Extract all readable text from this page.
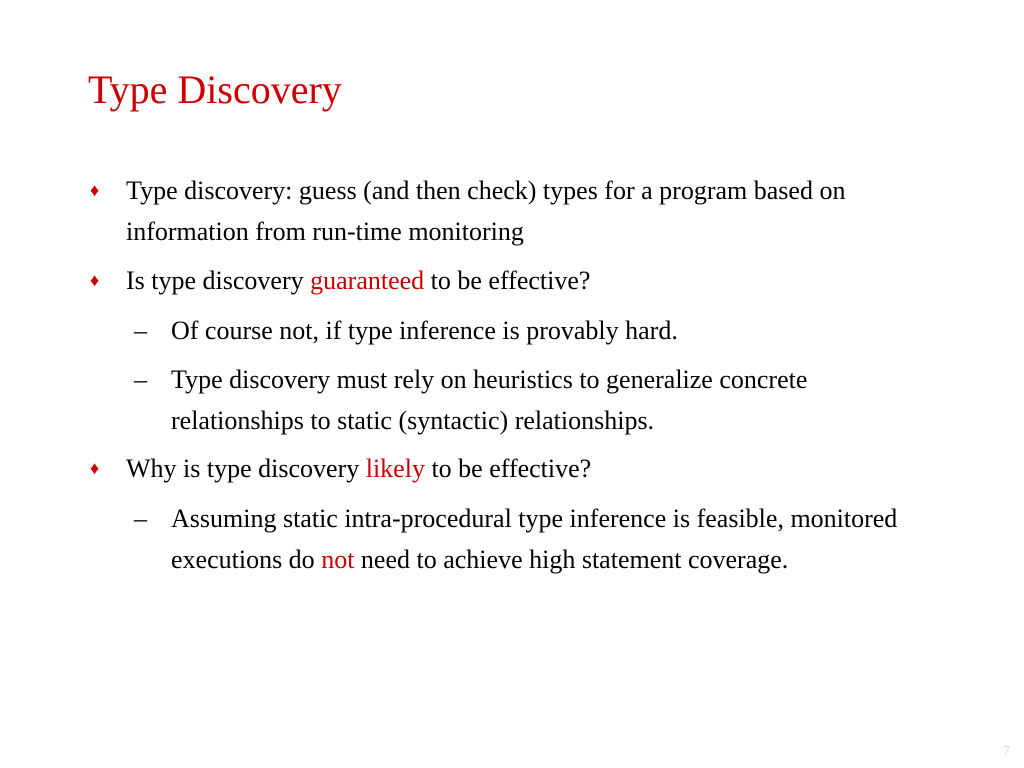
Type Discovery
♦	Type discovery: guess (and then check) types for a program based on information from run-time monitoring
♦	Is type discovery guaranteed to be effective?
– Of course not, if type inference is provably hard.
– Type discovery must rely on heuristics to generalize concrete relationships to static (syntactic) relationships.
♦	Why is type discovery likely to be effective?
– Assuming static intra-procedural type inference is feasible, monitored executions do not need to achieve high statement coverage.
7
